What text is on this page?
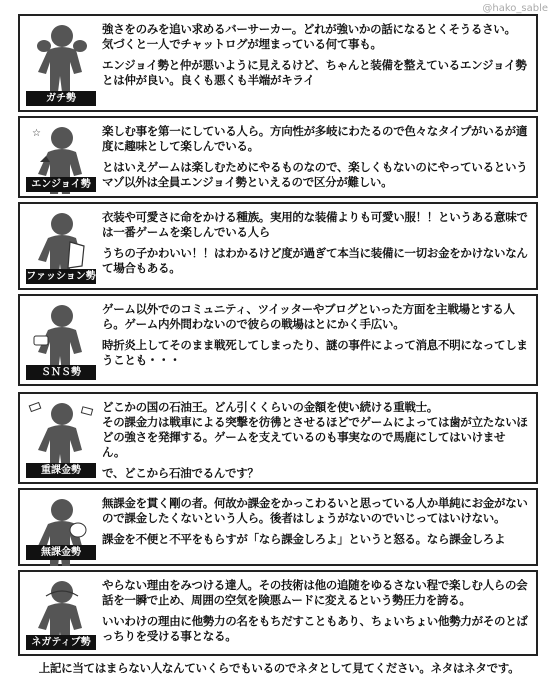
@hako_sable
ガチ勢

強さをのみを追い求めるバーサーカー。どれが強いかの話になるとくそうるさい。
気づくと一人でチャットログが埋まっている何て事も。

エンジョイ勢と仲が悪いように見えるけど、ちゃんと装備を整えているエンジョイ勢とは仲が良い。良くも悪くも半端がキライ

☆
エンジョイ勢

楽しむ事を第一にしている人ら。方向性が多岐にわたるので色々なタイプがいるが適度に趣味として楽しんでいる。

とはいえゲームは楽しむためにやるものなので、楽しくもないのにやっているというマゾ以外は全員エンジョイ勢といえるので区分が難しい。

ファッション勢

衣装や可愛さに命をかける種族。実用的な装備よりも可愛い服！！というある意味では一番ゲームを楽しんでいる人ら

うちの子かわいい！！はわかるけど度が過ぎて本当に装備に一切お金をかけないなんて場合もある。

ＳＮＳ勢

ゲーム以外でのコミュニティ、ツイッターやブログといった方面を主戦場とする人ら。ゲーム内外問わないので彼らの戦場はとにかく手広い。

時折炎上してそのまま戦死してしまったり、謎の事件によって消息不明になってしまうことも・・・

重課金勢

どこかの国の石油王。どん引くくらいの金額を使い続ける重戦士。
その課金力は戦車による突撃を彷彿とさせるほどでゲームによっては歯が立たないほどの強さを発揮する。ゲームを支えているのも事実なので馬鹿にしてはいけません。

で、どこから石油でるんです？

無課金勢

無課金を貫く剛の者。何故か課金をかっこわるいと思っている人か単純にお金がないので課金したくないという人ら。後者はしょうがないのでいじってはいけない。

課金を不便と不平をもらすが「なら課金しろよ」というと怒る。なら課金しろよ

ネガティブ勢

やらない理由をみつける達人。その技術は他の追随をゆるさない程で楽しむ人らの会話を一瞬で止め、周囲の空気を険悪ムードに変えるという勢圧力を誇る。

いいわけの理由に他勢力の名をもちだすこともあり、ちょいちょい他勢力がそのとばっちりを受ける事となる。

上記に当てはまらない人なんていくらでもいるのでネタとして見てください。ネタはネタです。
